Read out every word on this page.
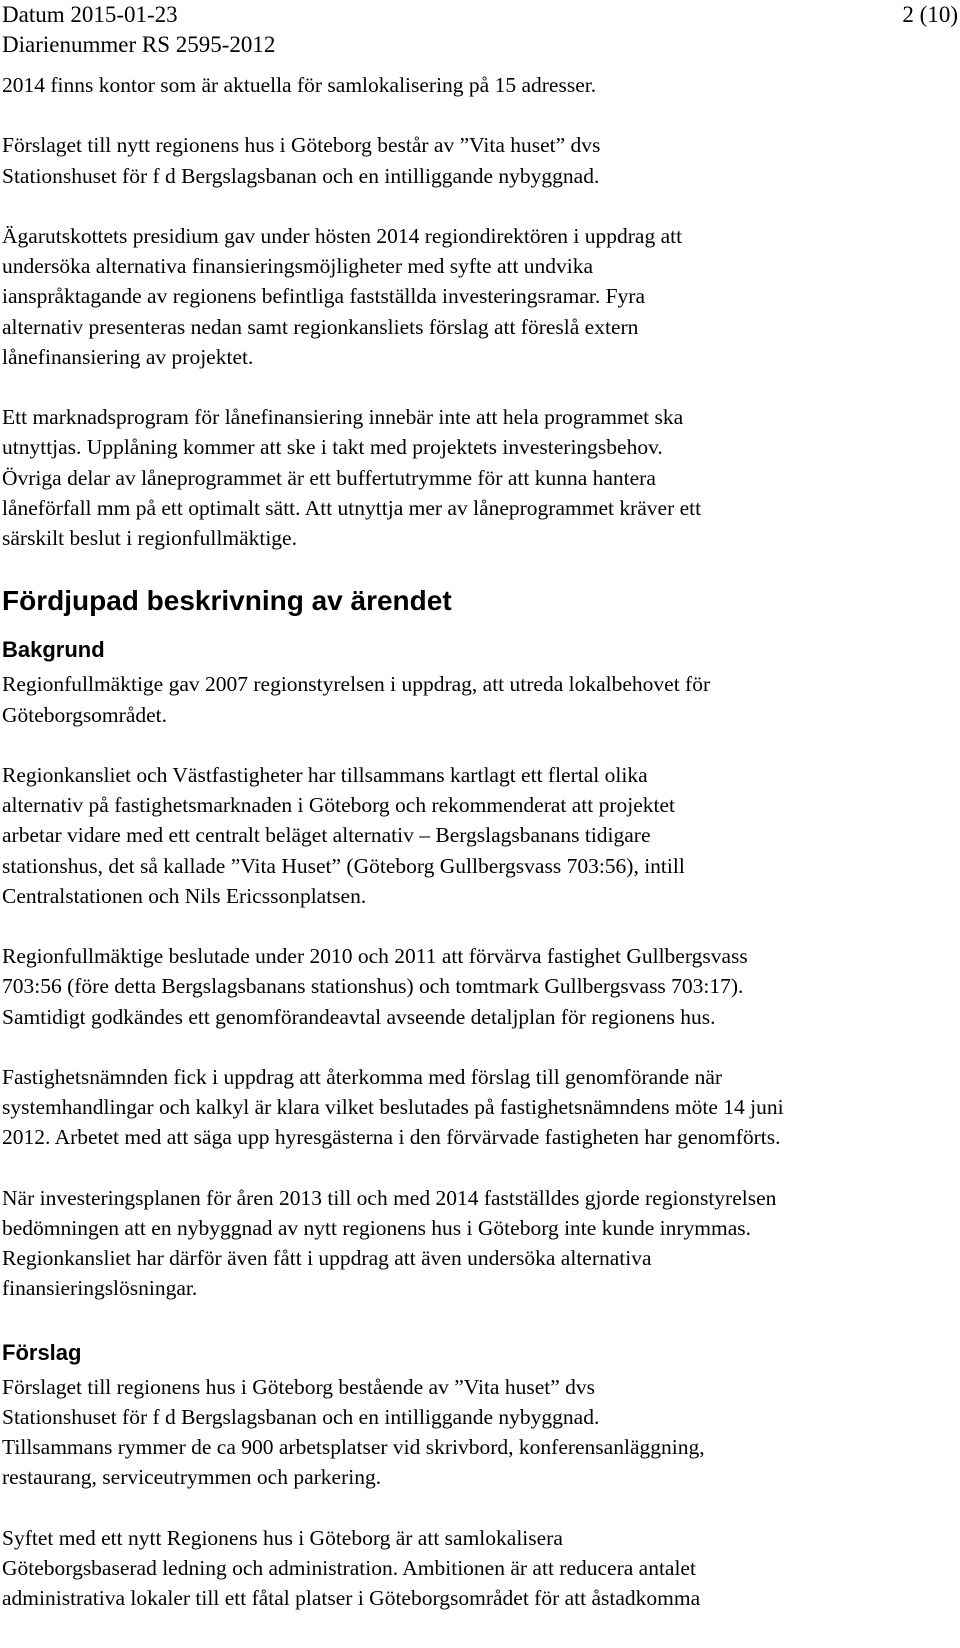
Datum 2015-01-23
Diarienummer RS 2595-2012
2 (10)
2014 finns kontor som är aktuella för samlokalisering på 15 adresser.
Förslaget till nytt regionens hus i Göteborg består av ”Vita huset” dvs
Stationshuset för f d Bergslagsbanan och en intilliggande nybyggnad.
Ägarutskottets presidium gav under hösten 2014 regiondirektören i uppdrag att
undersöka alternativa finansieringsmöjligheter med syfte att undvika
ianspråktagande av regionens befintliga fastställda investeringsramar. Fyra
alternativ presenteras nedan samt regionkansliets förslag att föreslå extern
lånefinansiering av projektet.
Ett marknadsprogram för lånefinansiering innebär inte att hela programmet ska
utnyttjas. Upplåning kommer att ske i takt med projektets investeringsbehov.
Övriga delar av låneprogrammet är ett buffertutrymme för att kunna hantera
låneförfall mm på ett optimalt sätt. Att utnyttja mer av låneprogrammet kräver ett
särskilt beslut i regionfullmäktige.
Fördjupad beskrivning av ärendet
Bakgrund
Regionfullmäktige gav 2007 regionstyrelsen i uppdrag, att utreda lokalbehovet för
Göteborgsområdet.
Regionkansliet och Västfastigheter har tillsammans kartlagt ett flertal olika
alternativ på fastighetsmarknaden i Göteborg och rekommenderat att projektet
arbetar vidare med ett centralt beläget alternativ – Bergslagsbanans tidigare
stationshus, det så kallade ”Vita Huset” (Göteborg Gullbergsvass 703:56), intill
Centralstationen och Nils Ericssonplatsen.
Regionfullmäktige beslutade under 2010 och 2011 att förvärva fastighet Gullbergsvass
703:56 (före detta Bergslagsbanans stationshus) och tomtmark Gullbergsvass 703:17).
Samtidigt godkändes ett genomförandeavtal avseende detaljplan för regionens hus.
Fastighetsnämnden fick i uppdrag att återkomma med förslag till genomförande när
systemhandlingar och kalkyl är klara vilket beslutades på fastighetsnämndens möte 14 juni
2012. Arbetet med att säga upp hyresgästerna i den förvärvade fastigheten har genomförts.
När investeringsplanen för åren 2013 till och med 2014 fastställdes gjorde regionstyrelsen
bedömningen att en nybyggnad av nytt regionens hus i Göteborg inte kunde inrymmas.
Regionkansliet har därför även fått i uppdrag att även undersöka alternativa
finansieringslösningar.
Förslag
Förslaget till regionens hus i Göteborg bestående av ”Vita huset” dvs
Stationshuset för f d Bergslagsbanan och en intilliggande nybyggnad.
Tillsammans rymmer de ca 900 arbetsplatser vid skrivbord, konferensanläggning,
restaurang, serviceutrymmen och parkering.
Syftet med ett nytt Regionens hus i Göteborg är att samlokalisera
Göteborgsbaserad ledning och administration. Ambitionen är att reducera antalet
administrativa lokaler till ett fåtal platser i Göteborgsområdet för att åstadkomma
